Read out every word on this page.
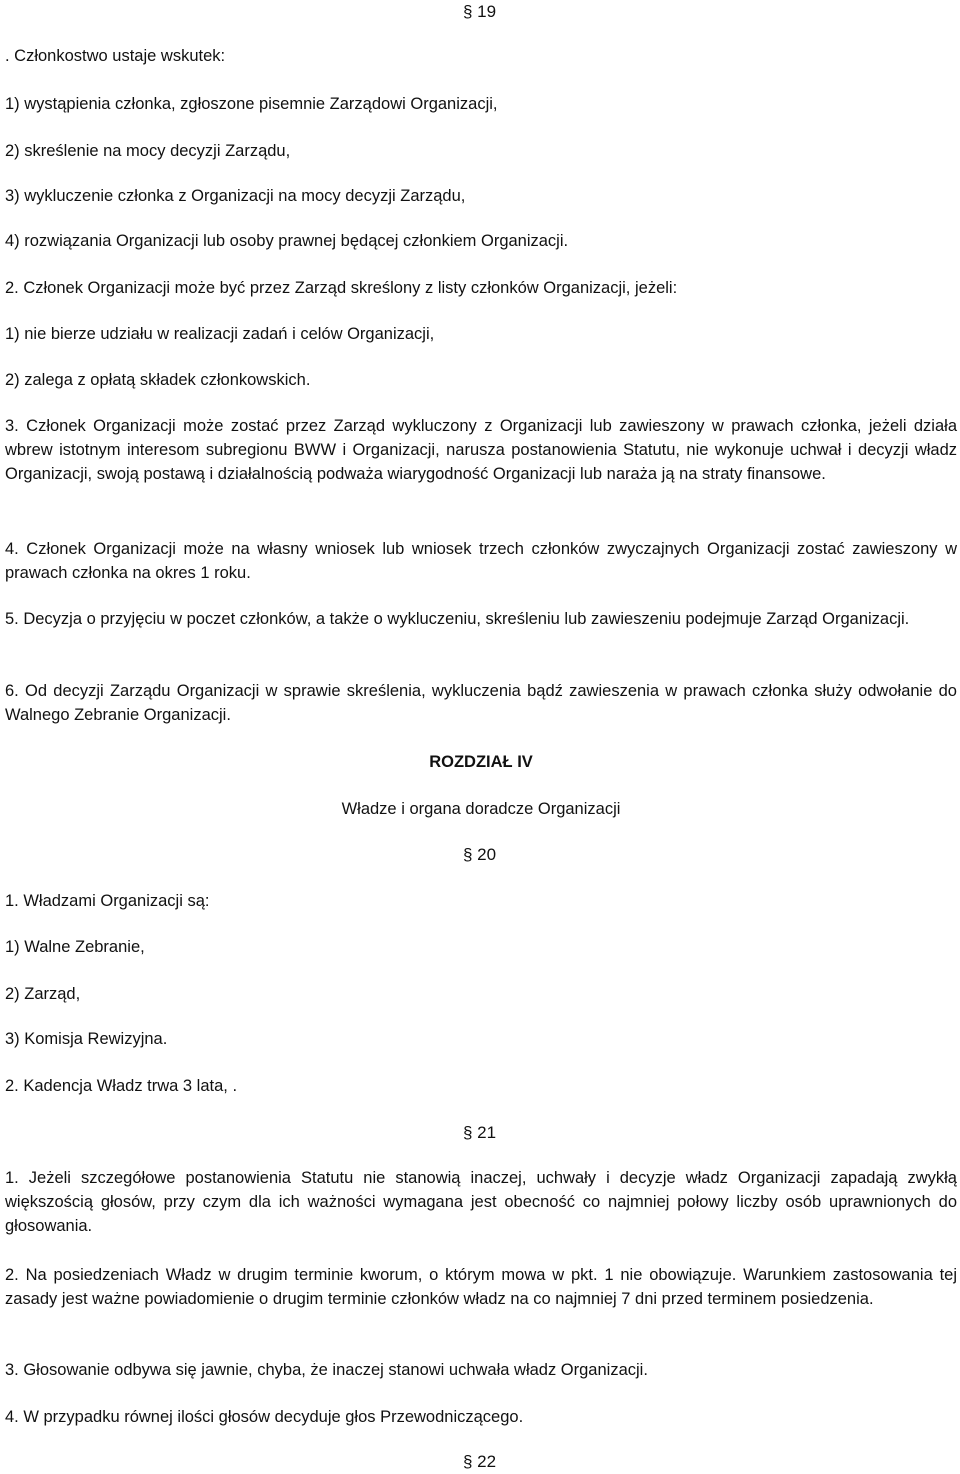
§ 19
. Członkostwo ustaje wskutek:
1) wystąpienia członka, zgłoszone pisemnie Zarządowi Organizacji,
2) skreślenie na mocy decyzji Zarządu,
3) wykluczenie członka z Organizacji na mocy decyzji Zarządu,
4) rozwiązania Organizacji lub osoby prawnej będącej członkiem Organizacji.
2. Członek Organizacji może być przez Zarząd skreślony z listy członków Organizacji, jeżeli:
1) nie bierze udziału w realizacji zadań i celów Organizacji,
2) zalega z opłatą składek członkowskich.
3. Członek Organizacji może zostać przez Zarząd wykluczony z Organizacji lub zawieszony w prawach członka, jeżeli działa wbrew istotnym interesom subregionu BWW i Organizacji, narusza postanowienia Statutu, nie wykonuje uchwał i decyzji władz Organizacji, swoją postawą i działalnością podważa wiarygodność Organizacji lub naraża ją na straty finansowe.
4. Członek Organizacji może na własny wniosek lub wniosek trzech członków zwyczajnych Organizacji zostać zawieszony w prawach członka na okres 1 roku.
5. Decyzja o przyjęciu w poczet członków, a także o wykluczeniu, skreśleniu lub zawieszeniu podejmuje Zarząd Organizacji.
6. Od decyzji Zarządu Organizacji w sprawie skreślenia, wykluczenia bądź zawieszenia w prawach członka służy odwołanie do Walnego Zebranie Organizacji.
ROZDZIAŁ IV
Władze i organa doradcze Organizacji
§ 20
1. Władzami Organizacji są:
1) Walne Zebranie,
2) Zarząd,
3) Komisja Rewizyjna.
2. Kadencja Władz trwa 3 lata, .
§ 21
1. Jeżeli szczegółowe postanowienia Statutu nie stanowią inaczej, uchwały i decyzje władz Organizacji zapadają zwykłą większością głosów, przy czym dla ich ważności wymagana jest obecność co najmniej połowy liczby osób uprawnionych do głosowania.
2. Na posiedzeniach Władz w drugim terminie kworum, o którym mowa w pkt. 1 nie obowiązuje. Warunkiem zastosowania tej zasady jest ważne powiadomienie o drugim terminie członków władz na co najmniej 7 dni przed terminem posiedzenia.
3. Głosowanie odbywa się jawnie, chyba, że inaczej stanowi uchwała władz Organizacji.
4. W przypadku równej ilości głosów decyduje głos Przewodniczącego.
§ 22
